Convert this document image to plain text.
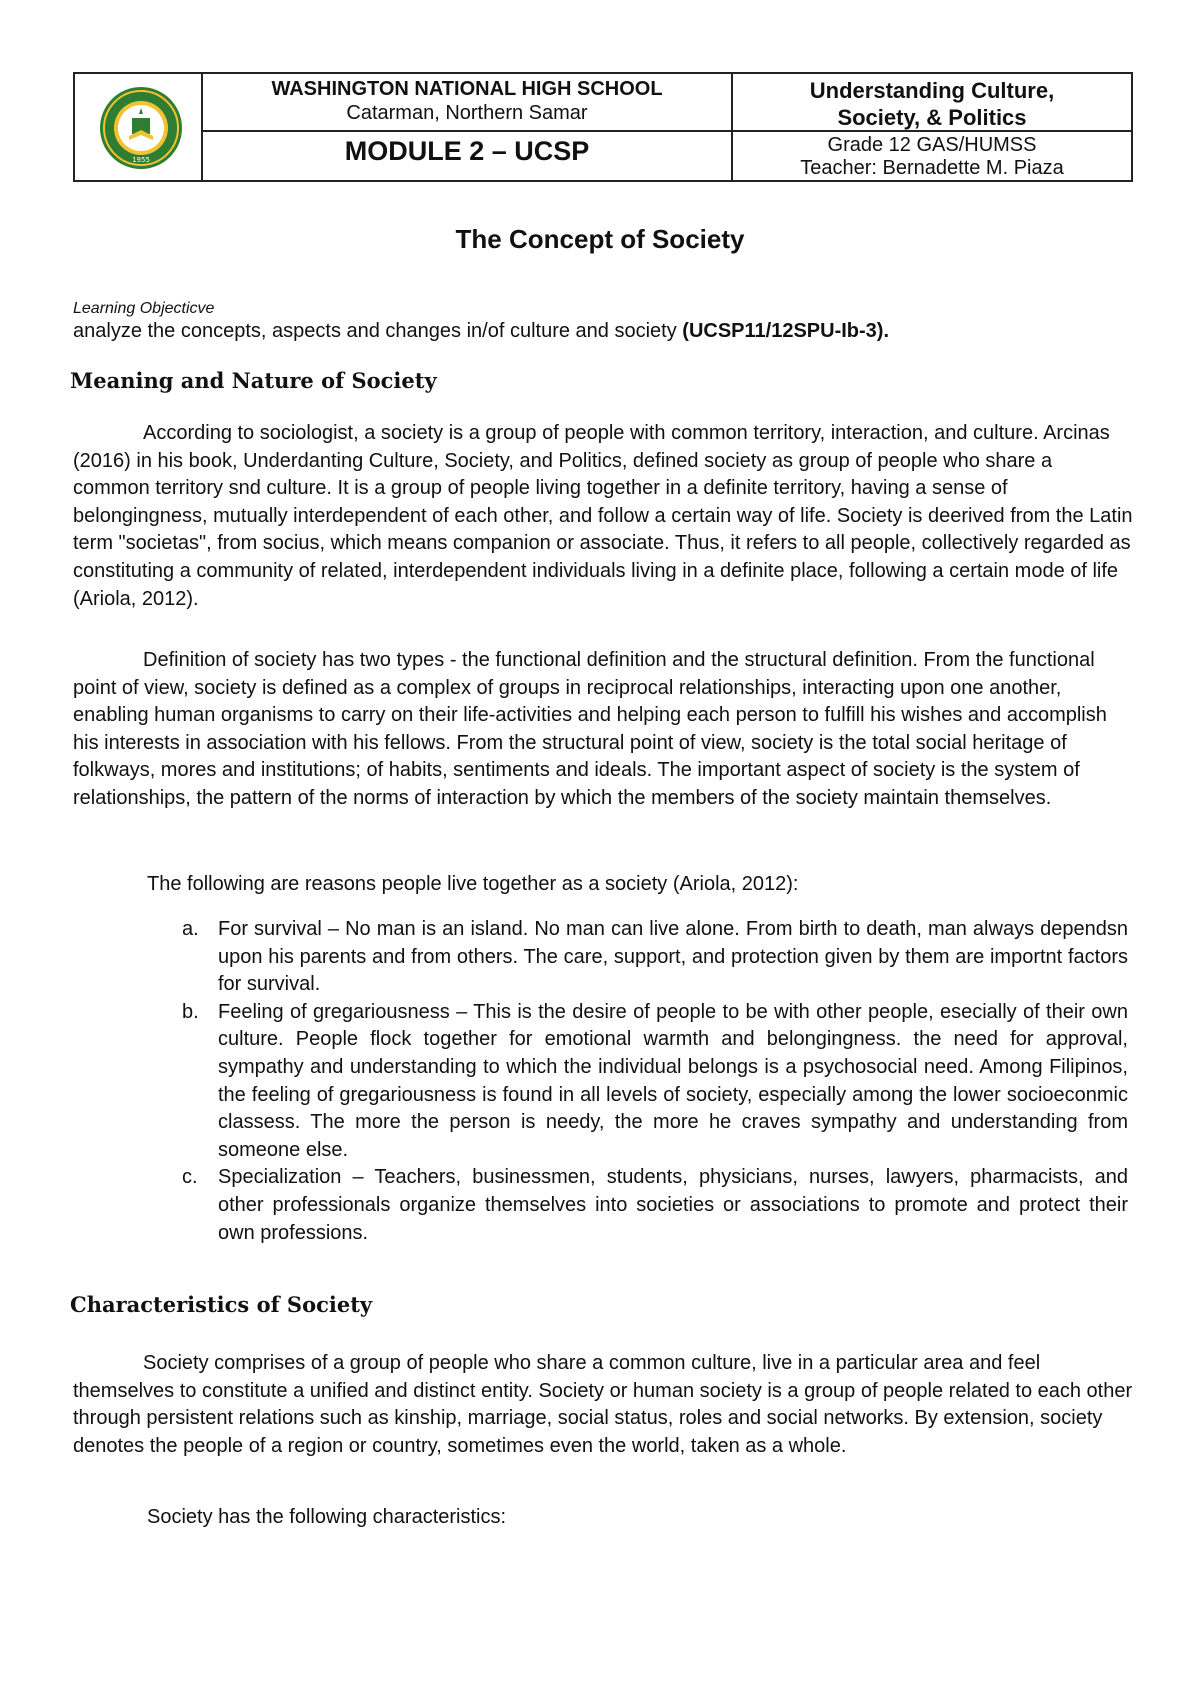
1955
WASHINGTON NATIONAL HIGH SCHOOL
Catarman, Northern Samar
MODULE 2 – UCSP
Understanding Culture,
Society, & Politics
Grade 12 GAS/HUMSS
Teacher: Bernadette M. Piaza
The Concept of Society
Learning Objecticve
analyze the concepts, aspects and changes in/of culture and society (UCSP11/12SPU-Ib-3).
Meaning and Nature of Society

According to sociologist, a society is a group of people with common territory, interaction, and culture. Arcinas (2016) in his book, Underdanting Culture, Society, and Politics, defined society as group of people who share a common territory snd culture. It is a group of people living together in a definite territory, having a sense of belongingness, mutually interdependent of each other, and follow a certain way of life. Society is deerived from the Latin term "societas", from socius, which means companion or associate. Thus, it refers to all people, collectively regarded as constituting a community of related, interdependent individuals living in a definite place, following a certain mode of life (Ariola, 2012).

Definition of society has two types - the functional definition and the structural definition. From the functional point of view, society is defined as a complex of groups in reciprocal relationships, interacting upon one another, enabling human organisms to carry on their life-activities and helping each person to fulfill his wishes and accomplish his interests in association with his fellows. From the structural point of view, society is the total social heritage of folkways, mores and institutions; of habits, sentiments and ideals. The important aspect of society is the system of relationships, the pattern of the norms of interaction by which the members of the society maintain themselves.

The following are reasons people live together as a society (Ariola, 2012):
a. For survival – No man is an island. No man can live alone. From birth to death, man always dependsn upon his parents and from others. The care, support, and protection given by them are importnt factors for survival.
b. Feeling of gregariousness – This is the desire of people to be with other people, esecially of their own culture. People flock together for emotional warmth and belongingness. the need for approval, sympathy and understanding to which the individual belongs is a psychosocial need. Among Filipinos, the feeling of gregariousness is found in all levels of society, especially among the lower socioeconmic classess. The more the person is needy, the more he craves sympathy and understanding from someone else.
c. Specialization – Teachers, businessmen, students, physicians, nurses, lawyers, pharmacists, and other professionals organize themselves into societies or associations to promote and protect their own professions.
Characteristics of Society

Society comprises of a group of people who share a common culture, live in a particular area and feel themselves to constitute a unified and distinct entity. Society or human society is a group of people related to each other through persistent relations such as kinship, marriage, social status, roles and social networks. By extension, society denotes the people of a region or country, sometimes even the world, taken as a whole.

Society has the following characteristics:
